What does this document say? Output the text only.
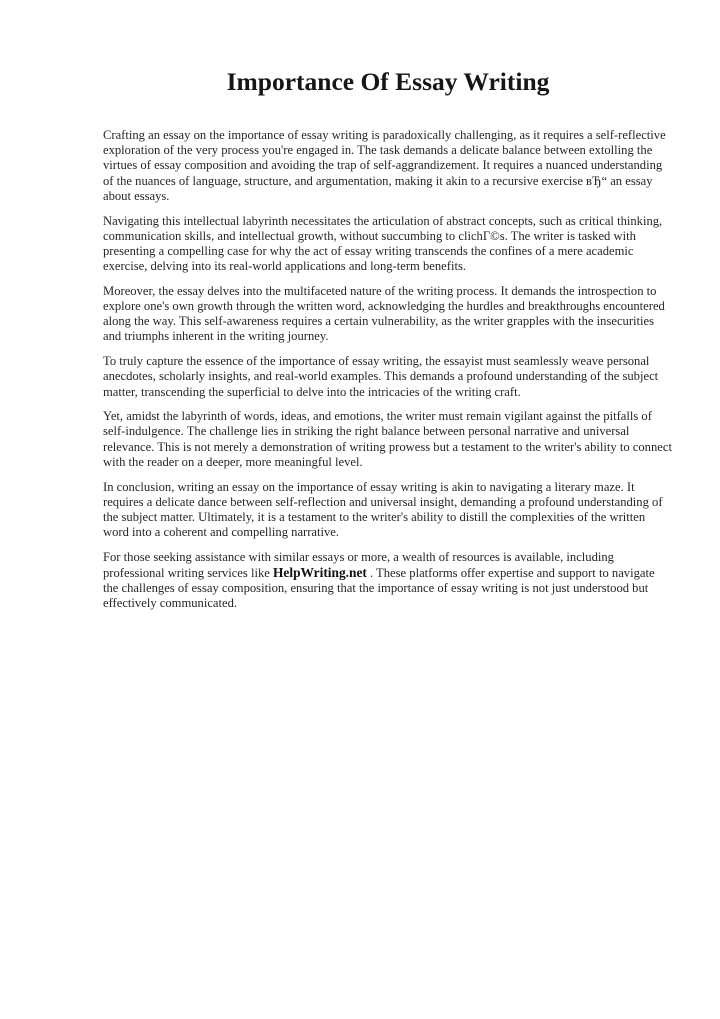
Importance Of Essay Writing

Crafting an essay on the importance of essay writing is paradoxically challenging, as it requires a self-reflective exploration of the very process you're engaged in. The task demands a delicate balance between extolling the virtues of essay composition and avoiding the trap of self-aggrandizement. It requires a nuanced understanding of the nuances of language, structure, and argumentation, making it akin to a recursive exercise вЂ“ an essay about essays.

Navigating this intellectual labyrinth necessitates the articulation of abstract concepts, such as critical thinking, communication skills, and intellectual growth, without succumbing to clichГ©s. The writer is tasked with presenting a compelling case for why the act of essay writing transcends the confines of a mere academic exercise, delving into its real-world applications and long-term benefits.

Moreover, the essay delves into the multifaceted nature of the writing process. It demands the introspection to explore one's own growth through the written word, acknowledging the hurdles and breakthroughs encountered along the way. This self-awareness requires a certain vulnerability, as the writer grapples with the insecurities and triumphs inherent in the writing journey.

To truly capture the essence of the importance of essay writing, the essayist must seamlessly weave personal anecdotes, scholarly insights, and real-world examples. This demands a profound understanding of the subject matter, transcending the superficial to delve into the intricacies of the writing craft.

Yet, amidst the labyrinth of words, ideas, and emotions, the writer must remain vigilant against the pitfalls of self-indulgence. The challenge lies in striking the right balance between personal narrative and universal relevance. This is not merely a demonstration of writing prowess but a testament to the writer's ability to connect with the reader on a deeper, more meaningful level.

In conclusion, writing an essay on the importance of essay writing is akin to navigating a literary maze. It requires a delicate dance between self-reflection and universal insight, demanding a profound understanding of the subject matter. Ultimately, it is a testament to the writer's ability to distill the complexities of the written word into a coherent and compelling narrative.

For those seeking assistance with similar essays or more, a wealth of resources is available, including professional writing services like HelpWriting.net . These platforms offer expertise and support to navigate the challenges of essay composition, ensuring that the importance of essay writing is not just understood but effectively communicated.
